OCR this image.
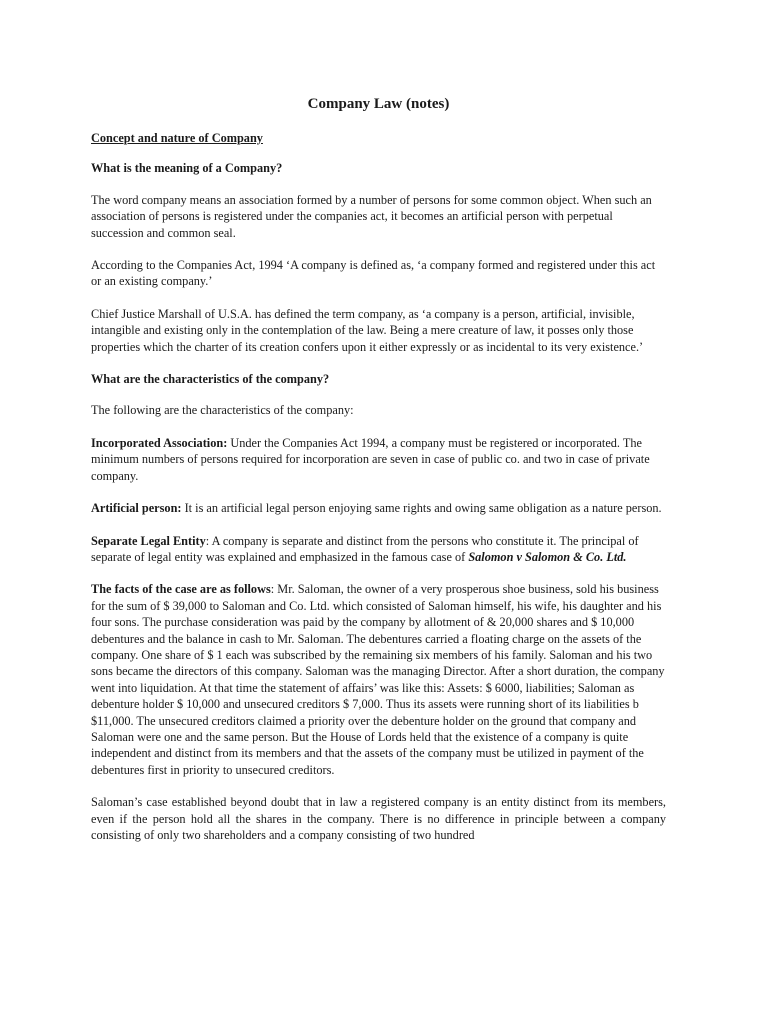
Company Law (notes)
Concept and nature of Company
What is the meaning of a Company?

The word company means an association formed by a number of persons for some common object. When such an association of persons is registered under the companies act, it becomes an artificial person with perpetual succession and common seal.

According to the Companies Act, 1994 ‘A company is defined as, ‘a company formed and registered under this act or an existing company.’

Chief Justice Marshall of U.S.A. has defined the term company, as ‘a company is a person, artificial, invisible, intangible and existing only in the contemplation of the law. Being a mere creature of law, it posses only those properties which the charter of its creation confers upon it either expressly or as incidental to its very existence.’

What are the characteristics of the company?

The following are the characteristics of the company:

Incorporated Association: Under the Companies Act 1994, a company must be registered or incorporated. The minimum numbers of persons required for incorporation are seven in case of public co. and two in case of private company.

Artificial person: It is an artificial legal person enjoying same rights and owing same obligation as a nature person.

Separate Legal Entity: A company is separate and distinct from the persons who constitute it. The principal of separate of legal entity was explained and emphasized in the famous case of Salomon v Salomon & Co. Ltd.

The facts of the case are as follows: Mr. Saloman, the owner of a very prosperous shoe business, sold his business for the sum of $ 39,000 to Saloman and Co. Ltd. which consisted of Saloman himself, his wife, his daughter and his four sons. The purchase consideration was paid by the company by allotment of & 20,000 shares and $ 10,000 debentures and the balance in cash to Mr. Saloman. The debentures carried a floating charge on the assets of the company. One share of $ 1 each was subscribed by the remaining six members of his family. Saloman and his two sons became the directors of this company. Saloman was the managing Director. After a short duration, the company went into liquidation. At that time the statement of affairs’ was like this: Assets: $ 6000, liabilities; Saloman as debenture holder $ 10,000 and unsecured creditors $ 7,000. Thus its assets were running short of its liabilities b $11,000. The unsecured creditors claimed a priority over the debenture holder on the ground that company and Saloman were one and the same person. But the House of Lords held that the existence of a company is quite independent and distinct from its members and that the assets of the company must be utilized in payment of the debentures first in priority to unsecured creditors.

Saloman’s case established beyond doubt that in law a registered company is an entity distinct from its members, even if the person hold all the shares in the company. There is no difference in principle between a company consisting of only two shareholders and a company consisting of two hundred
